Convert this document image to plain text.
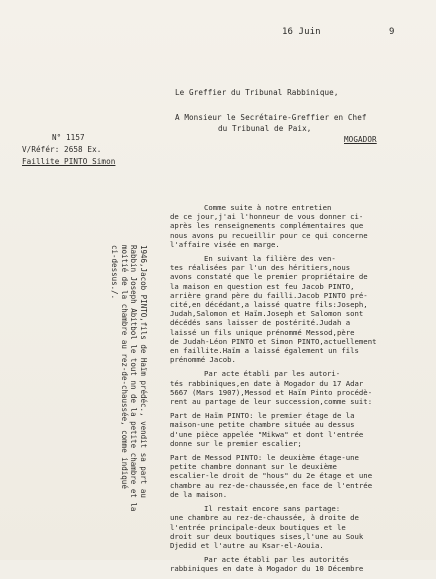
16 Juin	9
Le Greffier du Tribunal Rabbinique,
A Monsieur le Secrétaire-Greffier en Chef
du Tribunal de Paix,
MOGADOR
N° 1157
V/Référ: 2658 Ex.
Faillite PINTO Simon
1946,Jacob PINTO,fils de Haïm prédéc., vendit sa part au
Rabbin Joseph Abitbol le tout nn de la petite chambre et la
moitié de la chambre au rez-de-chaussée, comme indiqué
ci-dessus./.

Comme suite à notre entretien
de ce jour,j'ai l'honneur de vous donner ci-
après les renseignements complémentaires que
nous avons pu recueillir pour ce qui concerne
l'affaire visée en marge.

En suivant la filière des ven-
tes réalisées par l'un des héritiers,nous
avons constaté que le premier propriétaire de
la maison en question est feu Jacob PINTO,
arrière grand père du failli.Jacob PINTO pré-
cité,en décédant,a laissé quatre fils:Joseph,
Judah,Salomon et Haïm.Joseph et Salomon sont
décédés sans laisser de postérité.Judah a
laissé un fils unique prénommé Messod,père
de Judah-Léon PINTO et Simon PINTO,actuellement
en faillite.Haïm a laissé également un fils
prénommé Jacob.

Par acte établi par les autori-
tés rabbiniques,en date à Mogador du 17 Adar
5667 (Mars 1907),Messod et Haïm Pinto procédè-
rent au partage de leur succession,comme suit:

Part de Haïm PINTO: le premier étage de la
maison-une petite chambre située au dessus
d'une pièce appelée "Mikwa" et dont l'entrée
donne sur le premier escalier;

Part de Messod PINTO: le deuxième étage-une
petite chambre donnant sur le deuxième
escalier-le droit de "hous" du 2e étage et une
chambre au rez-de-chaussée,en face de l'entrée
de la maison.

Il restait encore sans partage:
une chambre au rez-de-chaussée, à droite de
l'entrée principale-deux boutiques et le
droit sur deux boutiques sises,l'une au Souk
Djedid et l'autre au Ksar-el-Aouia.

Par acte établi par les autorités
rabbiniques en date à Mogador du 10 Décembre
